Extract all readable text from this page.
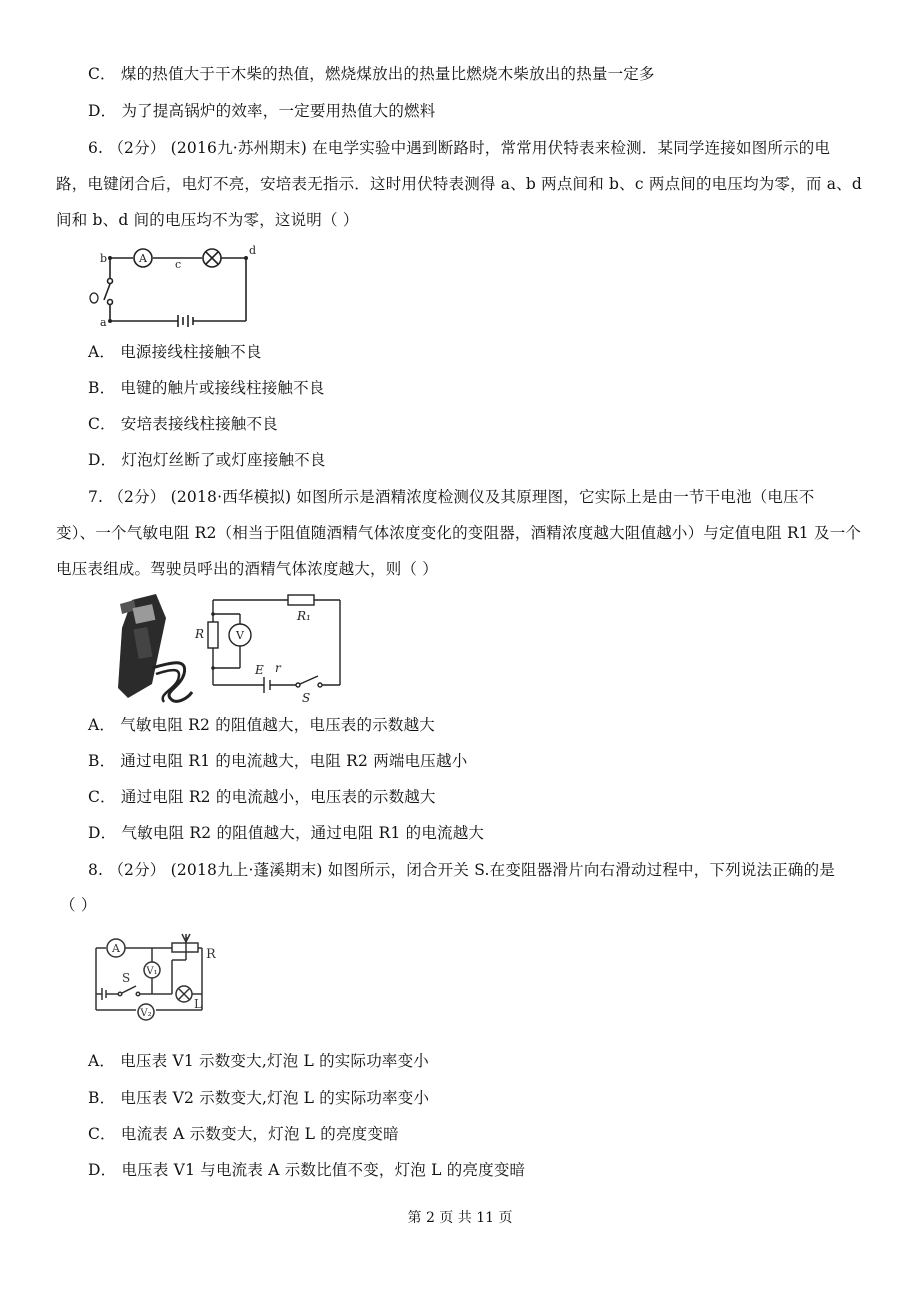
C． 煤的热值大于干木柴的热值，燃烧煤放出的热量比燃烧木柴放出的热量一定多
D． 为了提高锅炉的效率，一定要用热值大的燃料
6. （2分） (2016九·苏州期末) 在电学实验中遇到断路时，常常用伏特表来检测．某同学连接如图所示的电
路，电键闭合后，电灯不亮，安培表无指示．这时用伏特表测得 a、b 两点间和 b、c 两点间的电压均为零，而 a、d
间和 b、d 间的电压均不为零，这说明（ ）
A
b
a
c
d
A． 电源接线柱接触不良
B． 电键的触片或接线柱接触不良
C． 安培表接线柱接触不良
D． 灯泡灯丝断了或灯座接触不良
7. （2分） (2018·西华模拟) 如图所示是酒精浓度检测仪及其原理图，它实际上是由一节干电池（电压不
变）、一个气敏电阻 R2（相当于阻值随酒精气体浓度变化的变阻器，酒精浓度越大阻值越小）与定值电阻 R1 及一个
电压表组成。驾驶员呼出的酒精气体浓度越大，则（ ）
V
R
R₁
E r
S
A． 气敏电阻 R2 的阻值越大，电压表的示数越大
B． 通过电阻 R1 的电流越大，电阻 R2 两端电压越小
C． 通过电阻 R2 的电流越小，电压表的示数越大
D． 气敏电阻 R2 的阻值越大，通过电阻 R1 的电流越大
8. （2分） (2018九上·蓬溪期末) 如图所示，闭合开关 S.在变阻器滑片向右滑动过程中，下列说法正确的是
（ ）
A	R
S V₁
L
V₂
A． 电压表 V1 示数变大,灯泡 L 的实际功率变小
B． 电压表 V2 示数变大,灯泡 L 的实际功率变小
C． 电流表 A 示数变大，灯泡 L 的亮度变暗
D． 电压表 V1 与电流表 A 示数比值不变，灯泡 L 的亮度变暗
第 2 页 共 11 页
